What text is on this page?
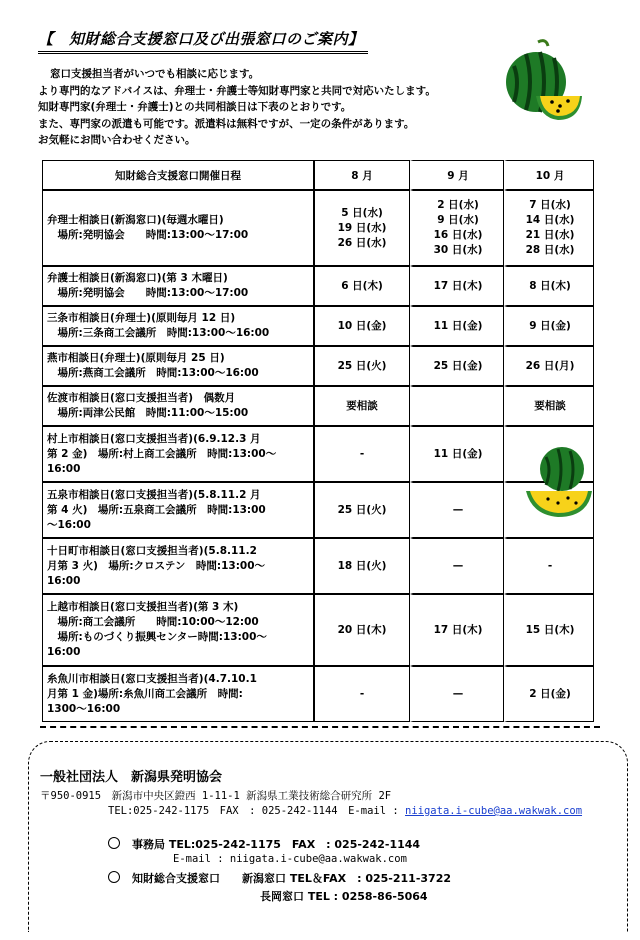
【　知財総合支援窓口及び出張窓口のご案内】
窓口支援担当者がいつでも相談に応じます。
より専門的なアドバイスは、弁理士・弁護士等知財専門家と共同で対応いたします。
知財専門家(弁理士・弁護士)との共同相談日は下表のとおりです。
また、専門家の派遣も可能です。派遣料は無料ですが、一定の条件があります。
お気軽にお問い合わせください。
知財総合支援窓口開催日程	8 月	9 月	10 月

弁理士相談日(新潟窓口)(毎週水曜日)
　場所:発明協会　　時間:13:00〜17:00	5 日(水)
19 日(水)
26 日(水)	2 日(水)
9 日(水)
16 日(水)
30 日(水)	7 日(水)
14 日(水)
21 日(水)
28 日(水)

弁護士相談日(新潟窓口)(第 3 木曜日)
　場所:発明協会　　時間:13:00〜17:00	6 日(木)	17 日(木)	8 日(木)

三条市相談日(弁理士)(原則毎月 12 日)
　場所:三条商工会議所　時間:13:00〜16:00	10 日(金)	11 日(金)	9 日(金)

燕市相談日(弁理士)(原則毎月 25 日)
　場所:燕商工会議所　時間:13:00〜16:00	25 日(火)	25 日(金)	26 日(月)

佐渡市相談日(窓口支援担当者)　偶数月
　場所:両津公民館　時間:11:00〜15:00	要相談		要相談

村上市相談日(窓口支援担当者)(6.9.12.3 月
第 2 金)　場所:村上商工会議所　時間:13:00〜
16:00	-	11 日(金)	

五泉市相談日(窓口支援担当者)(5.8.11.2 月
第 4 火)　場所:五泉商工会議所　時間:13:00
〜16:00	25 日(火)	—	

十日町市相談日(窓口支援担当者)(5.8.11.2
月第 3 火)　場所:クロステン　時間:13:00〜
16:00	18 日(火)	—	-

上越市相談日(窓口支援担当者)(第 3 木)
　場所:商工会議所　　時間:10:00〜12:00
　場所:ものづくり振興センター時間:13:00〜
16:00	20 日(木)	17 日(木)	15 日(木)

糸魚川市相談日(窓口支援担当者)(4.7.10.1
月第 1 金)場所:糸魚川商工会議所　時間:
1300〜16:00	-	—	2 日(金)
一般社団法人　新潟県発明協会
〒950-0915　新潟市中央区鐙西 1-11-1 新潟県工業技術総合研究所 2F
TEL:025-242-1175　FAX　: 025-242-1144　E-mail : niigata.i-cube@aa.wakwak.com
事務局 TEL:025-242-1175　FAX　: 025-242-1144
E-mail : niigata.i-cube@aa.wakwak.com
知財総合支援窓口 新潟窓口 TEL＆FAX　: 025-211-3722
長岡窓口 TEL : 0258-86-5064
